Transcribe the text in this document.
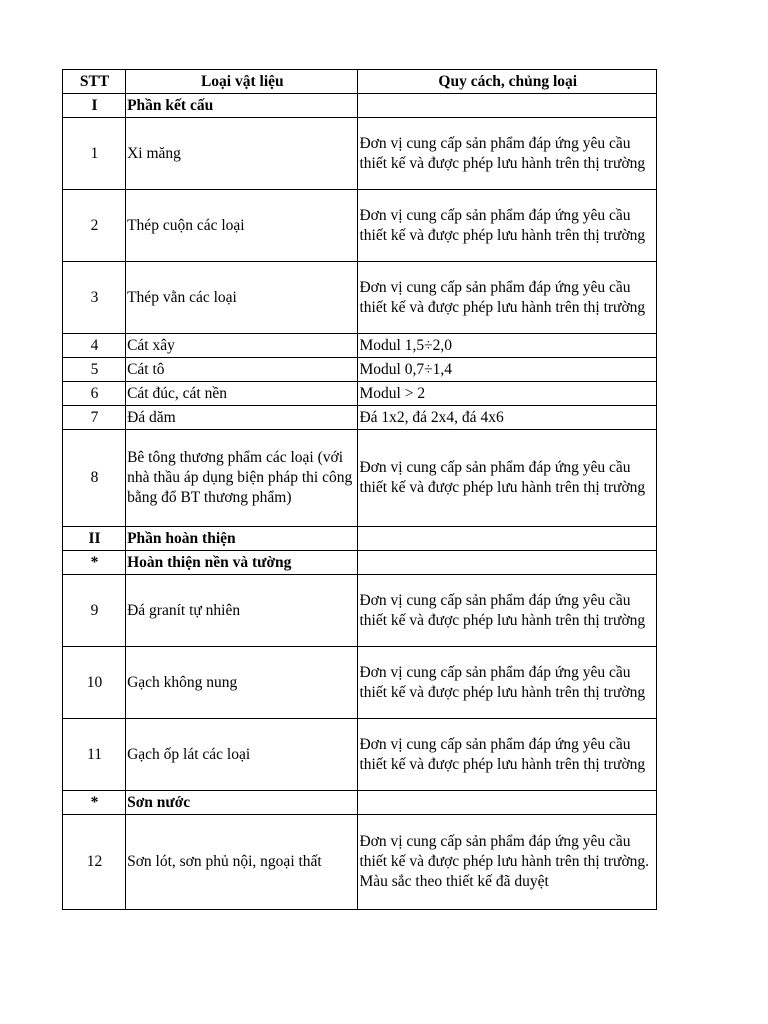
STT	Loại vật liệu	Quy cách, chủng loại
I	Phần kết cấu	
1	Xi măng	Đơn vị cung cấp sản phẩm đáp ứng yêu cầu thiết kế và được phép lưu hành trên thị trường
2	Thép cuộn các loại	Đơn vị cung cấp sản phẩm đáp ứng yêu cầu thiết kế và được phép lưu hành trên thị trường
3	Thép vằn các loại	Đơn vị cung cấp sản phẩm đáp ứng yêu cầu thiết kế và được phép lưu hành trên thị trường
4	Cát xây	Modul 1,5÷2,0
5	Cát tô	Modul 0,7÷1,4
6	Cát đúc, cát nền	Modul > 2
7	Đá dăm	Đá 1x2, đá 2x4, đá 4x6
8	Bê tông thương phẩm các loại (với nhà thầu áp dụng biện pháp thi công bằng đổ BT thương phẩm)	Đơn vị cung cấp sản phẩm đáp ứng yêu cầu thiết kế và được phép lưu hành trên thị trường
II	Phần hoàn thiện	
*	Hoàn thiện nền và tường	
9	Đá granít tự nhiên	Đơn vị cung cấp sản phẩm đáp ứng yêu cầu thiết kế và được phép lưu hành trên thị trường
10	Gạch không nung	Đơn vị cung cấp sản phẩm đáp ứng yêu cầu thiết kế và được phép lưu hành trên thị trường
11	Gạch ốp lát các loại	Đơn vị cung cấp sản phẩm đáp ứng yêu cầu thiết kế và được phép lưu hành trên thị trường
*	Sơn nước	
12	Sơn lót, sơn phủ nội, ngoại thất	Đơn vị cung cấp sản phẩm đáp ứng yêu cầu thiết kế và được phép lưu hành trên thị trường. Màu sắc theo thiết kế đã duyệt
